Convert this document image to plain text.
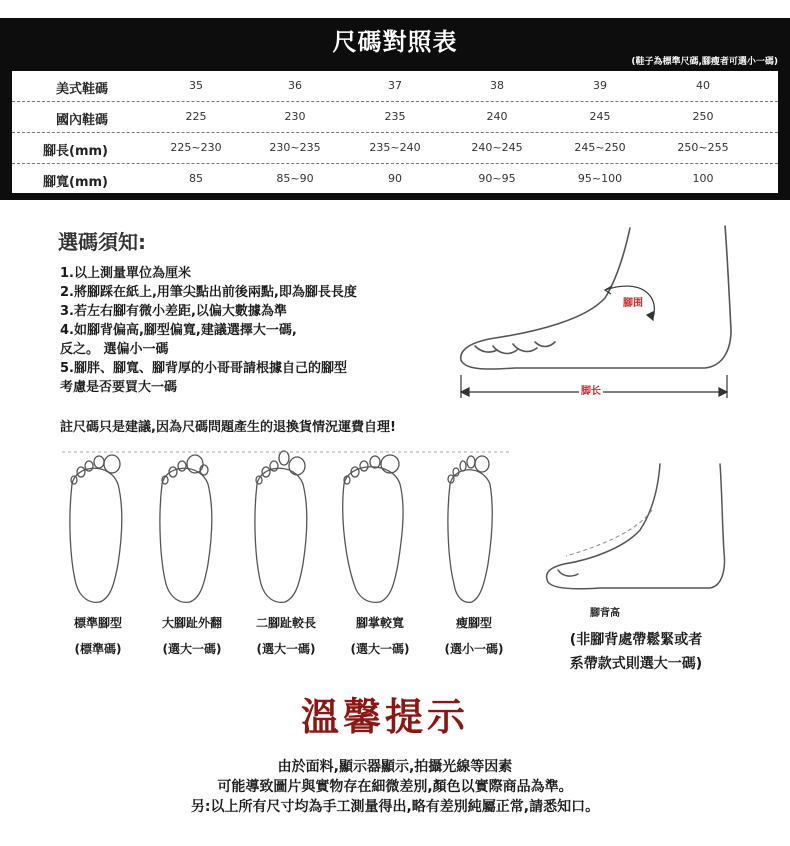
尺碼對照表
(鞋子為標準尺碼,腳瘦者可選小一碼)
美式鞋碼	35	36	37	38	39	40
國內鞋碼	225	230	235	240	245	250
腳長(mm)	225~230	230~235	235~240	240~245	245~250	250~255
腳寬(mm)	85	85~90	90	90~95	95~100	100
選碼須知:
1.以上測量單位為厘米
2.將腳踩在紙上,用筆尖點出前後兩點,即為腳長長度
3.若左右腳有微小差距,以偏大數據為準
4.如腳背偏高,腳型偏寬,建議選擇大一碼,
反之。 選偏小一碼
5.腳胖、腳寬、腳背厚的小哥哥請根據自己的腳型
考慮是否要買大一碼
註尺碼只是建議,因為尺碼問題產生的退換貨情況運費自理!
腳围
脚长
標準腳型	大腳趾外翻	二腳趾較長	腳掌較寬	瘦腳型
(標準碼)	(選大一碼)	(選大一碼)	(選大一碼)	(選小一碼)
腳背高
(非腳背處帶鬆緊或者
系帶款式則選大一碼)
溫馨提示
由於面料,顯示器顯示,拍攝光線等因素
可能導致圖片與實物存在細微差別,顏色以實際商品為準。
另:以上所有尺寸均為手工測量得出,略有差別純屬正常,請悉知口。
